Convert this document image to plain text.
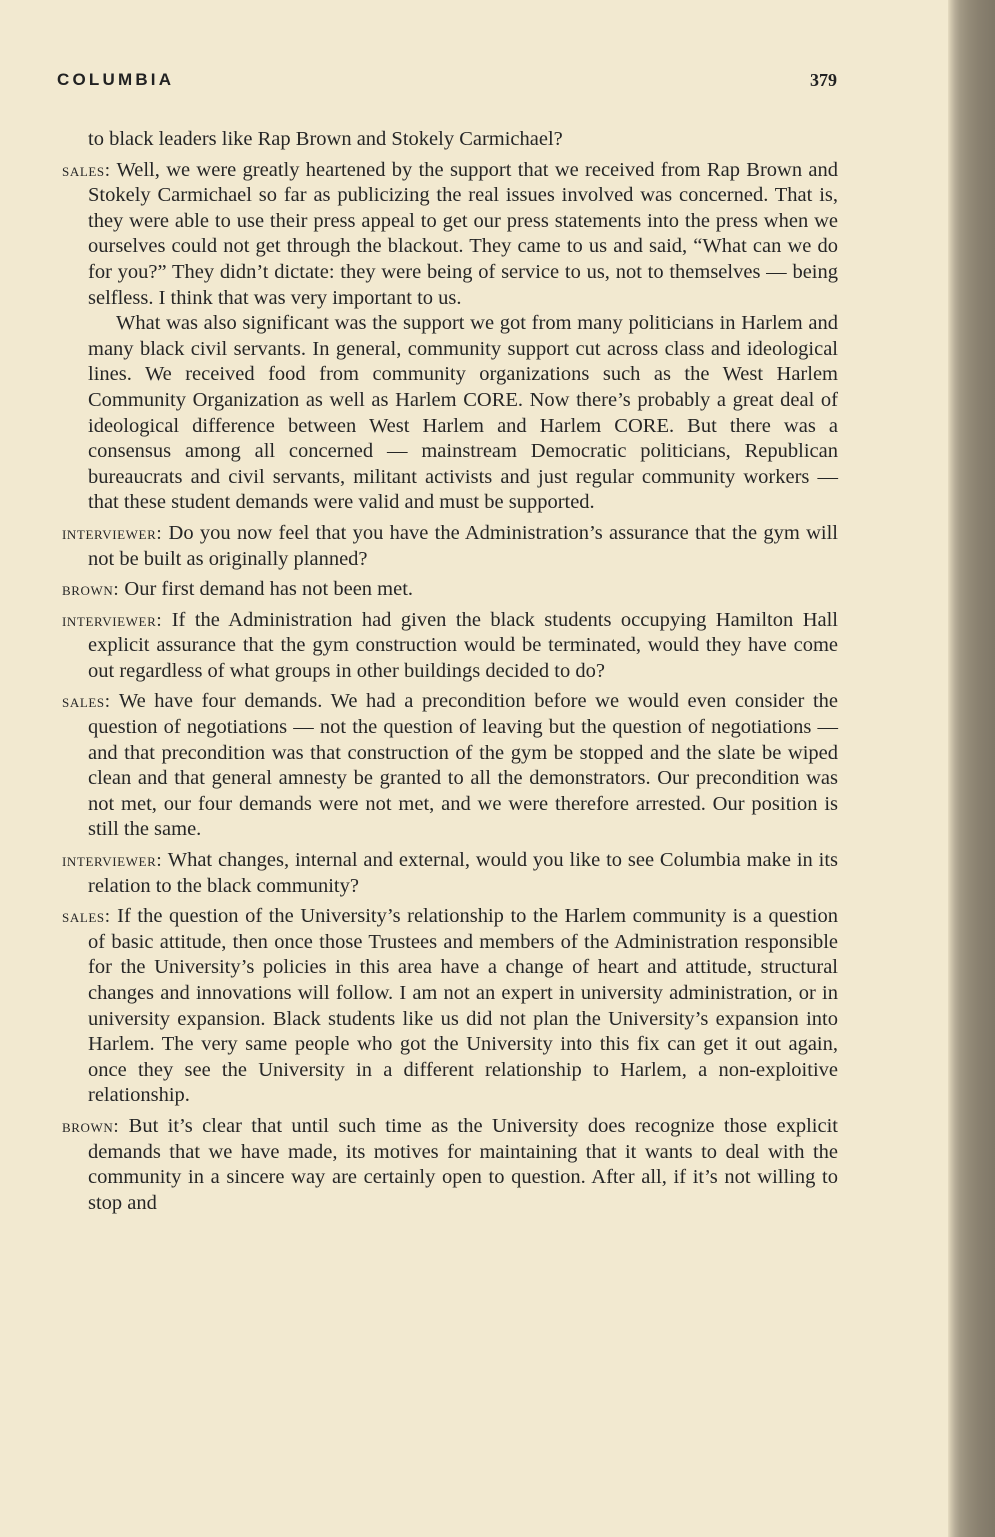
COLUMBIA	379

to black leaders like Rap Brown and Stokely Carmichael?

sales: Well, we were greatly heartened by the support that we received from Rap Brown and Stokely Carmichael so far as publicizing the real issues involved was concerned. That is, they were able to use their press appeal to get our press statements into the press when we ourselves could not get through the blackout. They came to us and said, “What can we do for you?” They didn’t dictate: they were being of service to us, not to themselves — being selfless. I think that was very important to us.

What was also significant was the support we got from many politicians in Harlem and many black civil servants. In general, community support cut across class and ideological lines. We received food from community organizations such as the West Harlem Community Organization as well as Harlem CORE. Now there’s probably a great deal of ideological difference between West Harlem and Harlem CORE. But there was a consensus among all concerned — mainstream Democratic politicians, Republican bureaucrats and civil servants, militant activists and just regular community workers — that these student demands were valid and must be supported.

interviewer: Do you now feel that you have the Administration’s assurance that the gym will not be built as originally planned?

brown: Our first demand has not been met.

interviewer: If the Administration had given the black students occupying Hamilton Hall explicit assurance that the gym construction would be terminated, would they have come out regardless of what groups in other buildings decided to do?

sales: We have four demands. We had a precondition before we would even consider the question of negotiations — not the question of leaving but the question of negotiations — and that precondition was that construction of the gym be stopped and the slate be wiped clean and that general amnesty be granted to all the demonstrators. Our precondition was not met, our four demands were not met, and we were therefore arrested. Our position is still the same.

interviewer: What changes, internal and external, would you like to see Columbia make in its relation to the black community?

sales: If the question of the University’s relationship to the Harlem community is a question of basic attitude, then once those Trustees and members of the Administration responsible for the University’s policies in this area have a change of heart and attitude, structural changes and innovations will follow. I am not an expert in university administration, or in university expansion. Black students like us did not plan the University’s expansion into Harlem. The very same people who got the University into this fix can get it out again, once they see the University in a different relationship to Harlem, a non-exploitive relationship.

brown: But it’s clear that until such time as the University does recognize those explicit demands that we have made, its motives for maintaining that it wants to deal with the community in a sincere way are certainly open to question. After all, if it’s not willing to stop and
